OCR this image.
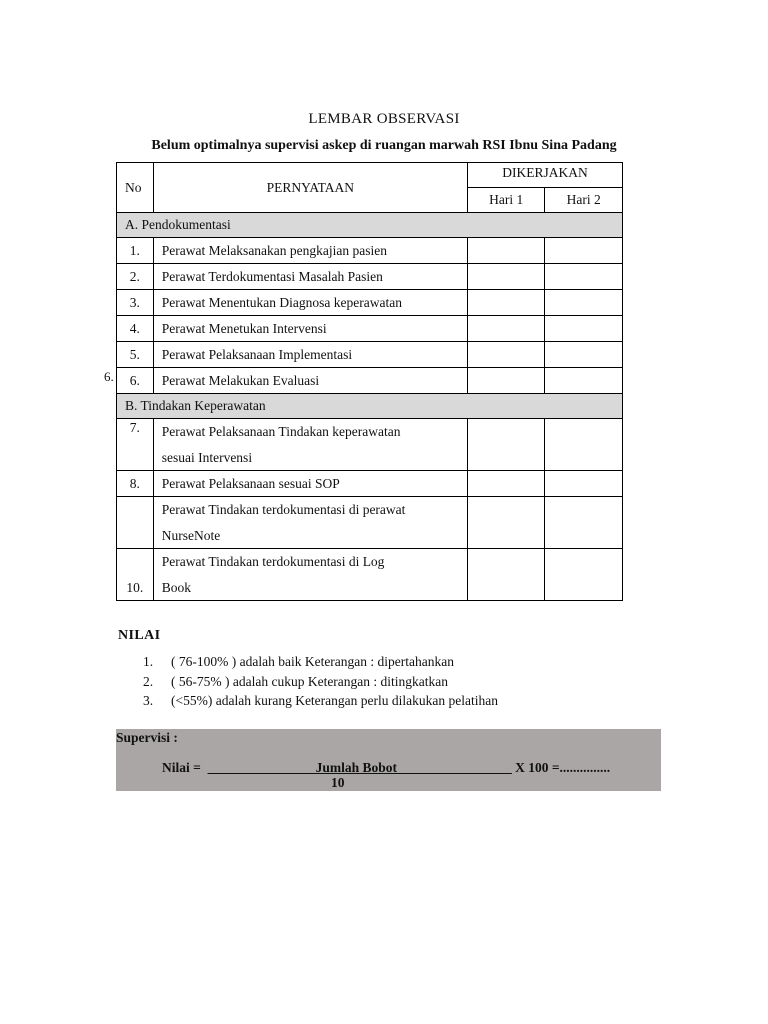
LEMBAR OBSERVASI
Belum optimalnya supervisi askep di ruangan marwah RSI Ibnu Sina Padang
No	PERNYATAAN	DIKERJAKAN	
		Hari 1	Hari 2
A. Pendokumentasi			
1.	Perawat Melaksanakan pengkajian pasien		
2.	Perawat Terdokumentasi Masalah Pasien		
3.	Perawat Menentukan Diagnosa keperawatan		
4.	Perawat Menetukan Intervensi		
5.	Perawat Pelaksanaan Implementasi		
6.	Perawat Melakukan Evaluasi		
B. Tindakan Keperawatan			
7.	Perawat Pelaksanaan Tindakan keperawatan
sesuai Intervensi		

8.	Perawat Pelaksanaan sesuai SOP		

	Perawat Tindakan terdokumentasi di perawat
NurseNote		

10.	Perawat Tindakan terdokumentasi di Log
Book		

6.
NILAI
1.	( 76-100% ) adalah baik Keterangan : dipertahankan
2.	( 56-75% ) adalah cukup Keterangan : ditingkatkan
3.	(<55%) adalah kurang Keterangan perlu dilakukan pelatihan
Supervisi :
Nilai =  ________________Jumlah Bobot_________________ X 100 =...............
10
